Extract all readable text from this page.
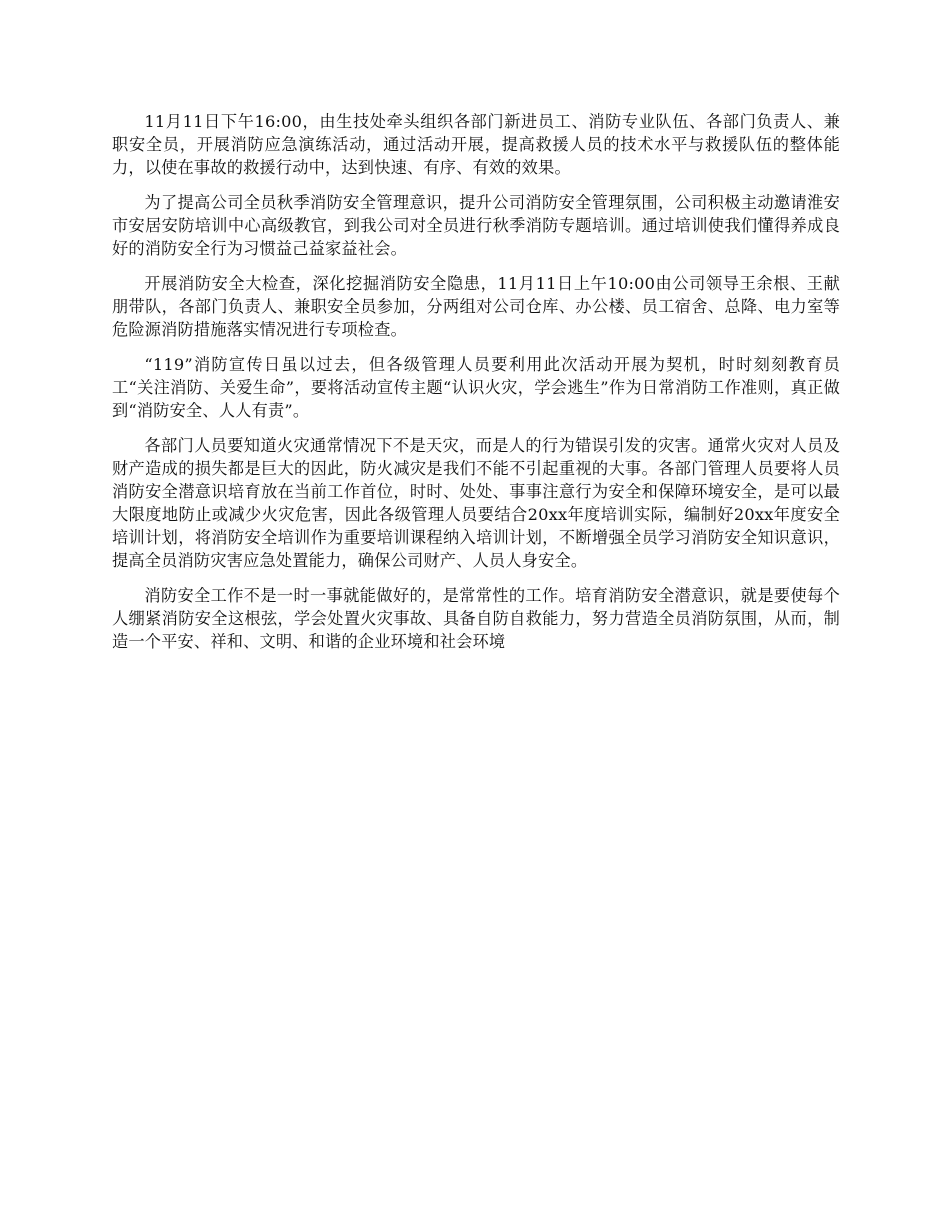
11月11日下午16:00，由生技处牵头组织各部门新进员工、消防专业队伍、各部门负责人、兼职安全员，开展消防应急演练活动，通过活动开展，提高救援人员的技术水平与救援队伍的整体能力，以使在事故的救援行动中，达到快速、有序、有效的效果。

为了提高公司全员秋季消防安全管理意识，提升公司消防安全管理氛围，公司积极主动邀请淮安市安居安防培训中心高级教官，到我公司对全员进行秋季消防专题培训。通过培训使我们懂得养成良好的消防安全行为习惯益己益家益社会。

开展消防安全大检查，深化挖掘消防安全隐患，11月11日上午10:00由公司领导王余根、王献朋带队，各部门负责人、兼职安全员参加，分两组对公司仓库、办公楼、员工宿舍、总降、电力室等危险源消防措施落实情况进行专项检查。

“119”消防宣传日虽以过去，但各级管理人员要利用此次活动开展为契机，时时刻刻教育员工“关注消防、关爱生命”，要将活动宣传主题“认识火灾，学会逃生”作为日常消防工作准则，真正做到“消防安全、人人有责”。

各部门人员要知道火灾通常情况下不是天灾，而是人的行为错误引发的灾害。通常火灾对人员及财产造成的损失都是巨大的因此，防火减灾是我们不能不引起重视的大事。各部门管理人员要将人员消防安全潜意识培育放在当前工作首位，时时、处处、事事注意行为安全和保障环境安全，是可以最大限度地防止或减少火灾危害，因此各级管理人员要结合20xx年度培训实际，编制好20xx年度安全培训计划，将消防安全培训作为重要培训课程纳入培训计划，不断增强全员学习消防安全知识意识，提高全员消防灾害应急处置能力，确保公司财产、人员人身安全。

消防安全工作不是一时一事就能做好的，是常常性的工作。培育消防安全潜意识，就是要使每个人绷紧消防安全这根弦，学会处置火灾事故、具备自防自救能力，努力营造全员消防氛围，从而，制造一个平安、祥和、文明、和谐的企业环境和社会环境
